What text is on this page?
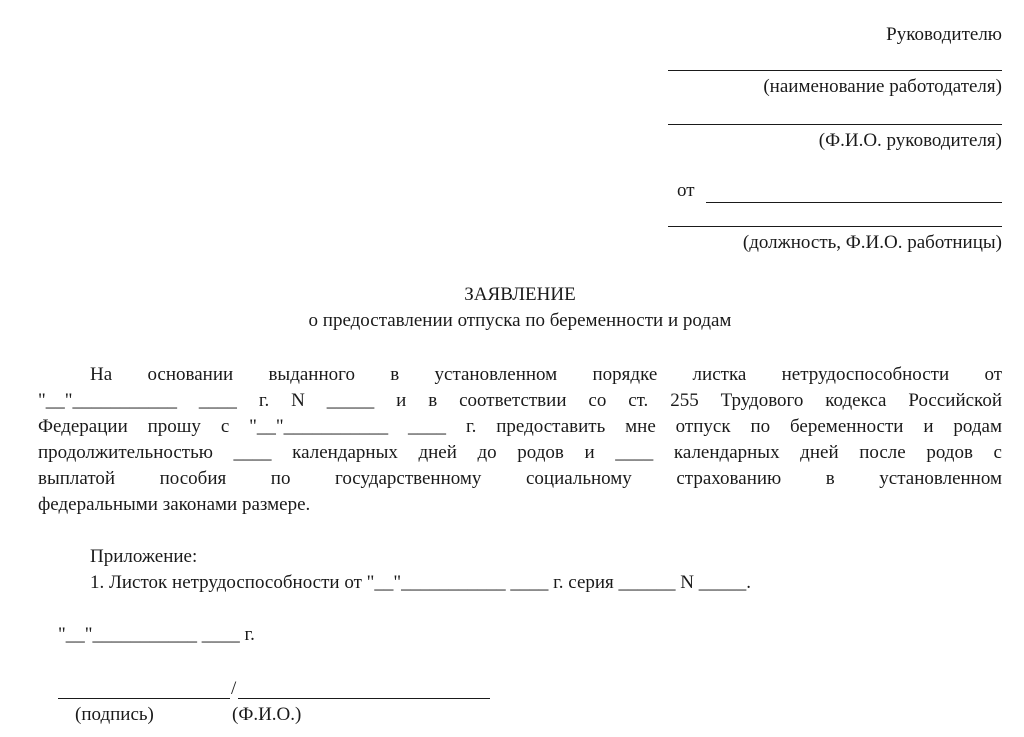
Руководителю
(наименование работодателя)
(Ф.И.О. руководителя)
от
(должность, Ф.И.О. работницы)
ЗАЯВЛЕНИЕ
о предоставлении отпуска по беременности и родам
На основании выданного в установленном порядке листка нетрудоспособности от
"__"___________ ____ г. N _____ и в соответствии со ст. 255 Трудового кодекса Российской
Федерации прошу с "__"___________ ____ г. предоставить мне отпуск по беременности и родам
продолжительностью ____ календарных дней до родов и ____ календарных дней после родов с
выплатой пособия по государственному социальному страхованию в установленном
федеральными законами размере.
Приложение:
1. Листок нетрудоспособности от "__"___________ ____ г. серия ______ N _____.
"__"___________ ____ г.
/
(подпись)	(Ф.И.О.)
